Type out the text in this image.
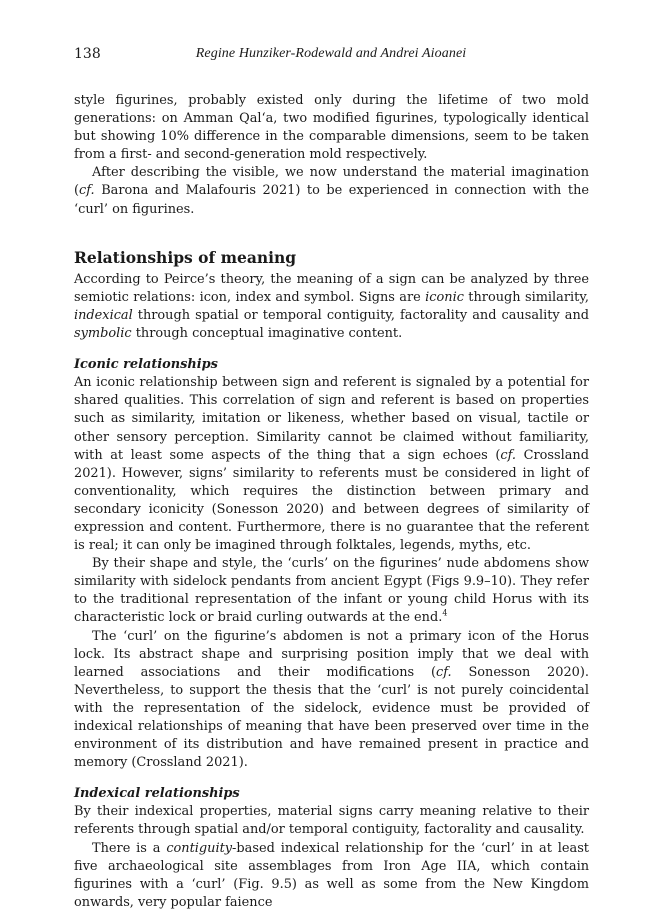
138	Regine Hunziker-Rodewald and Andrei Aioanei

style figurines, probably existed only during the lifetime of two mold generations: on Amman Qal‘a, two modified figurines, typologically identical but showing 10% difference in the comparable dimensions, seem to be taken from a first- and second-generation mold respectively.

After describing the visible, we now understand the material imagination (cf. Barona and Malafouris 2021) to be experienced in connection with the ‘curl’ on figurines.

Relationships of meaning

According to Peirce’s theory, the meaning of a sign can be analyzed by three semiotic relations: icon, index and symbol. Signs are iconic through similarity, indexical through spatial or temporal contiguity, factorality and causality and symbolic through conceptual imaginative content.

Iconic relationships

An iconic relationship between sign and referent is signaled by a potential for shared qualities. This correlation of sign and referent is based on properties such as similarity, imitation or likeness, whether based on visual, tactile or other sensory perception. Similarity cannot be claimed without familiarity, with at least some aspects of the thing that a sign echoes (cf. Crossland 2021). However, signs’ similarity to referents must be considered in light of conventionality, which requires the distinction between primary and secondary iconicity (Sonesson 2020) and between degrees of similarity of expression and content. Furthermore, there is no guarantee that the referent is real; it can only be imagined through folktales, legends, myths, etc.

By their shape and style, the ‘curls’ on the figurines’ nude abdomens show similarity with sidelock pendants from ancient Egypt (Figs 9.9–10). They refer to the traditional representation of the infant or young child Horus with its characteristic lock or braid curling outwards at the end.$^4$

The ‘curl’ on the figurine’s abdomen is not a primary icon of the Horus lock. Its abstract shape and surprising position imply that we deal with learned associations and their modifications (cf. Sonesson 2020). Nevertheless, to support the thesis that the ‘curl’ is not purely coincidental with the representation of the sidelock, evidence must be provided of indexical relationships of meaning that have been preserved over time in the environment of its distribution and have remained present in practice and memory (Crossland 2021).

Indexical relationships

By their indexical properties, material signs carry meaning relative to their referents through spatial and/or temporal contiguity, factorality and causality.

There is a contiguity-based indexical relationship for the ‘curl’ in at least five archaeological site assemblages from Iron Age IIA, which contain figurines with a ‘curl’ (Fig. 9.5) as well as some from the New Kingdom onwards, very popular faience
